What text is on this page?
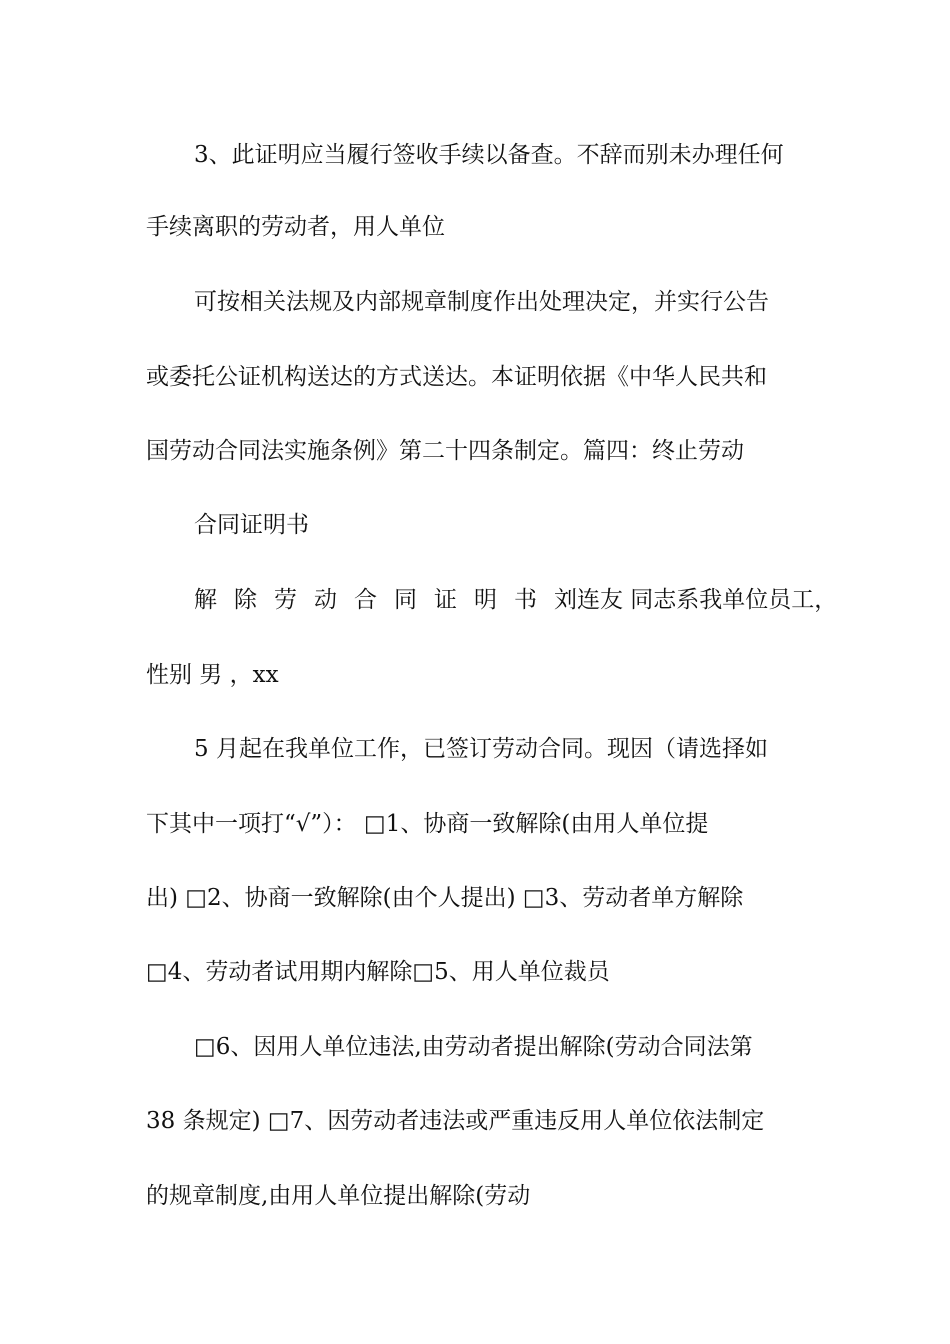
3、此证明应当履行签收手续以备查。不辞而别未办理任何
手续离职的劳动者，用人单位
可按相关法规及内部规章制度作出处理决定，并实行公告
或委托公证机构送达的方式送达。本证明依据《中华人民共和
国劳动合同法实施条例》第二十四条制定。篇四：终止劳动
合同证明书
解除劳动合同证明书刘连友 同志系我单位员工，
性别 男 ，xx
5 月起在我单位工作，已签订劳动合同。现因（请选择如
下其中一项打“√”）： □1、协商一致解除(由用人单位提
出) □2、协商一致解除(由个人提出) □3、劳动者单方解除
□4、劳动者试用期内解除□5、用人单位裁员
□6、因用人单位违法,由劳动者提出解除(劳动合同法第
38 条规定) □7、因劳动者违法或严重违反用人单位依法制定
的规章制度,由用人单位提出解除(劳动
